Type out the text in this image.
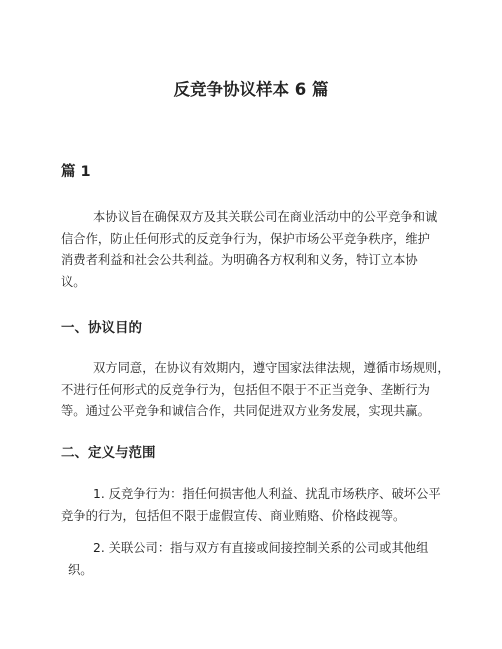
反竞争协议样本 6 篇
篇 1
本协议旨在确保双方及其关联公司在商业活动中的公平竞争和诚
信合作，防止任何形式的反竞争行为，保护市场公平竞争秩序，维护
消费者利益和社会公共利益。为明确各方权利和义务，特订立本协
议。
一、协议目的
双方同意，在协议有效期内，遵守国家法律法规，遵循市场规则，
不进行任何形式的反竞争行为，包括但不限于不正当竞争、垄断行为
等。通过公平竞争和诚信合作，共同促进双方业务发展，实现共赢。
二、定义与范围
1. 反竞争行为：指任何损害他人利益、扰乱市场秩序、破坏公平
竞争的行为，包括但不限于虚假宣传、商业贿赂、价格歧视等。
2. 关联公司：指与双方有直接或间接控制关系的公司或其他组
织。
